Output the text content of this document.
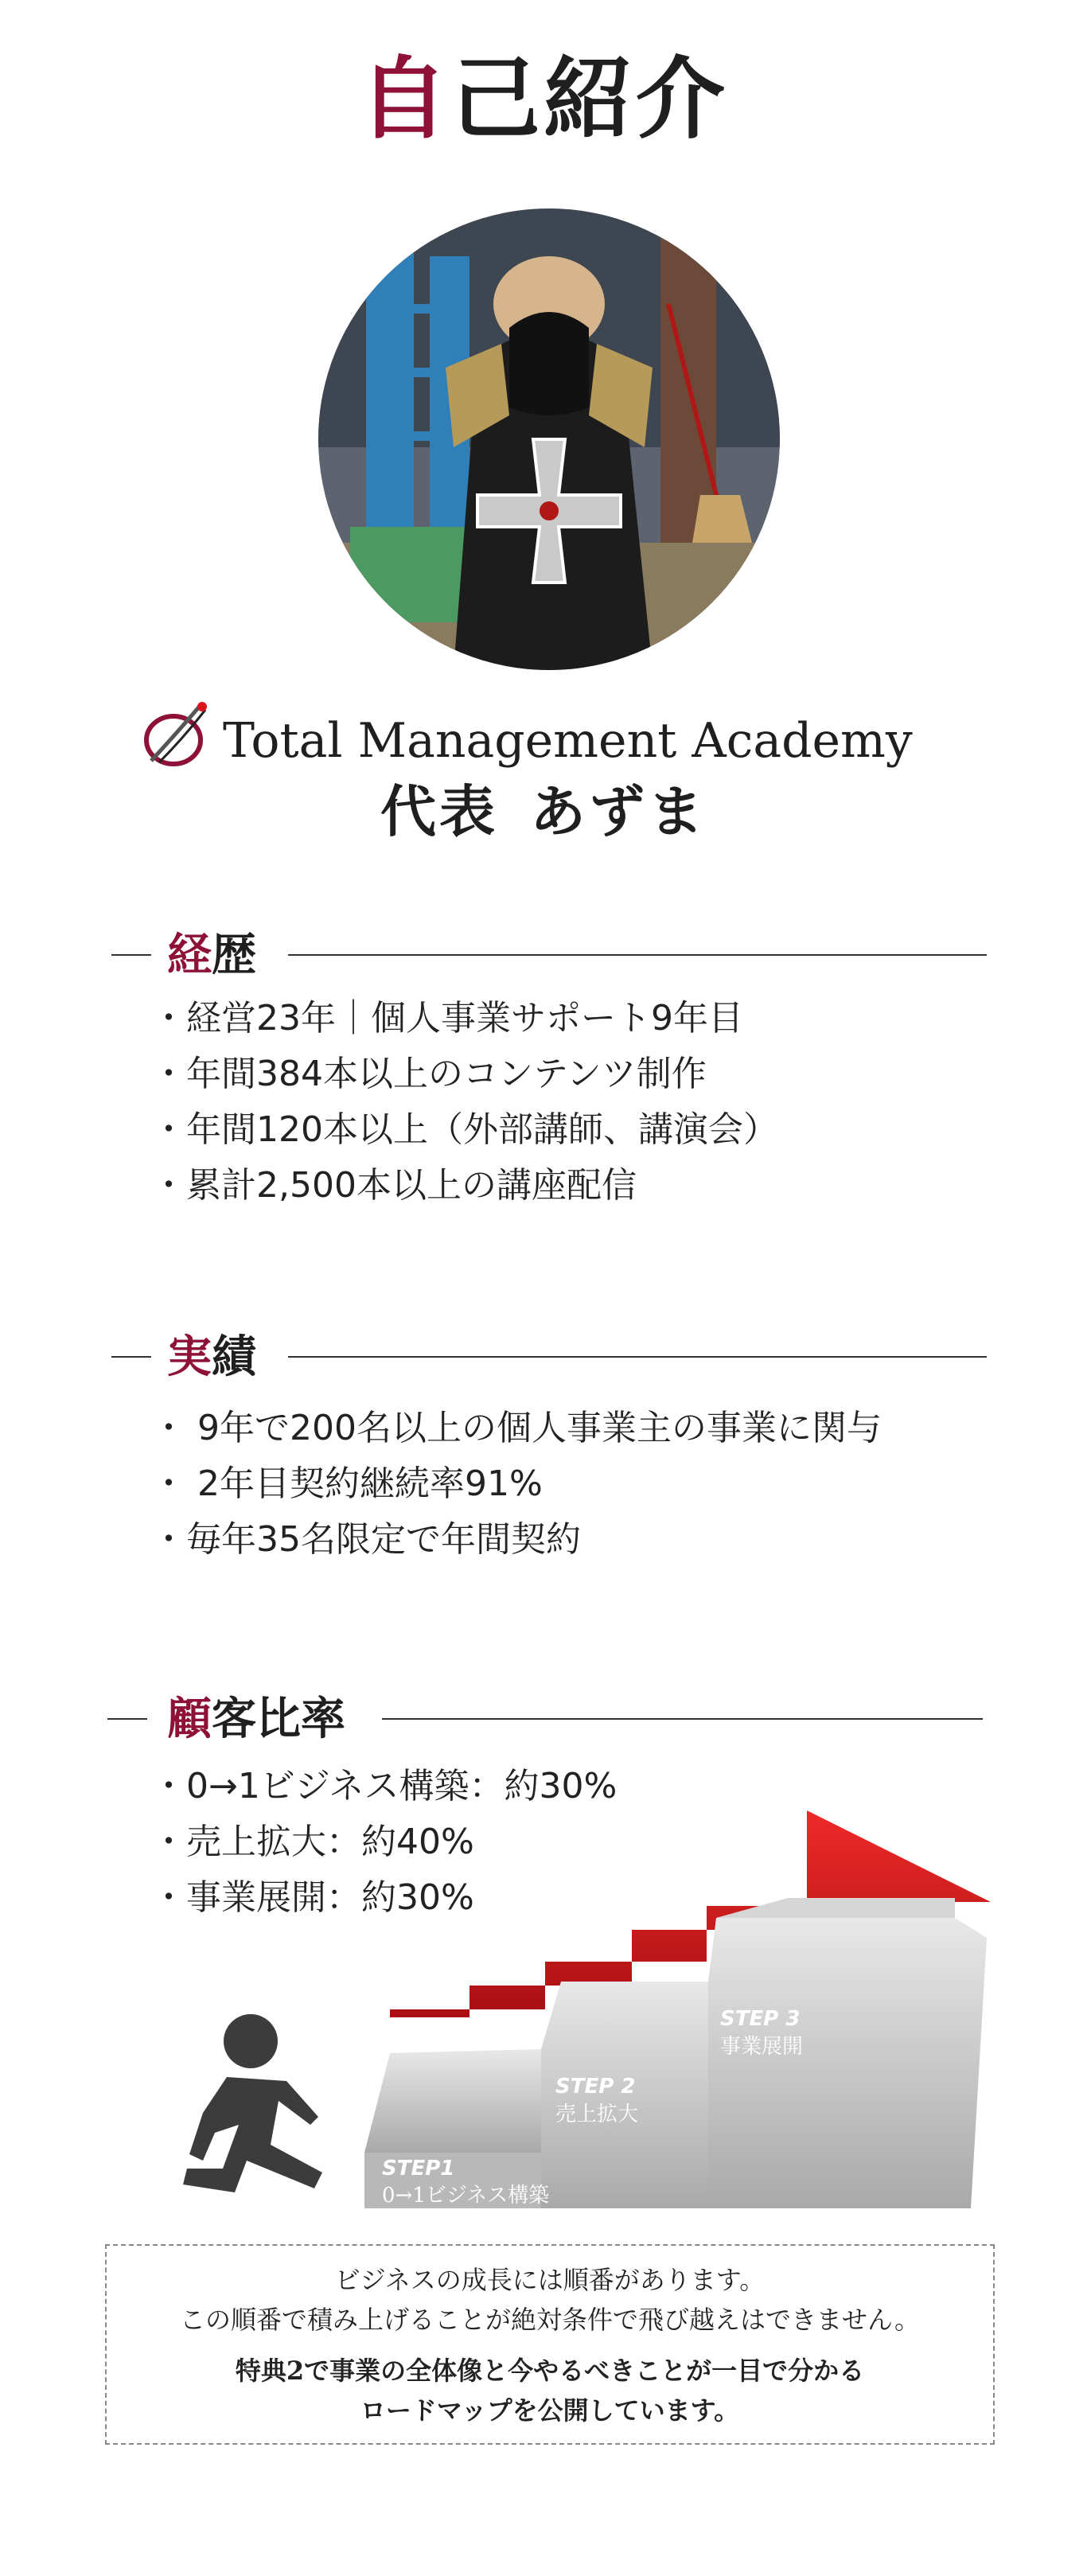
自己紹介
Total Management Academy
代表 あずま
経歴
・経営23年｜個人事業サポート9年目
・年間384本以上のコンテンツ制作
・年間120本以上（外部講師、講演会）
・累計2,500本以上の講座配信
実績
・ 9年で200名以上の個人事業主の事業に関与
・ 2年目契約継続率91%
・毎年35名限定で年間契約
顧客比率
・0→1ビジネス構築：約30%
・売上拡大：約40%
・事業展開：約30%
STEP1
0→1ビジネス構築
STEP 2
売上拡大
STEP 3
事業展開
ビジネスの成長には順番があります。
この順番で積み上げることが絶対条件で飛び越えはできません。
特典2で事業の全体像と今やるべきことが一目で分かる
ロードマップを公開しています。
